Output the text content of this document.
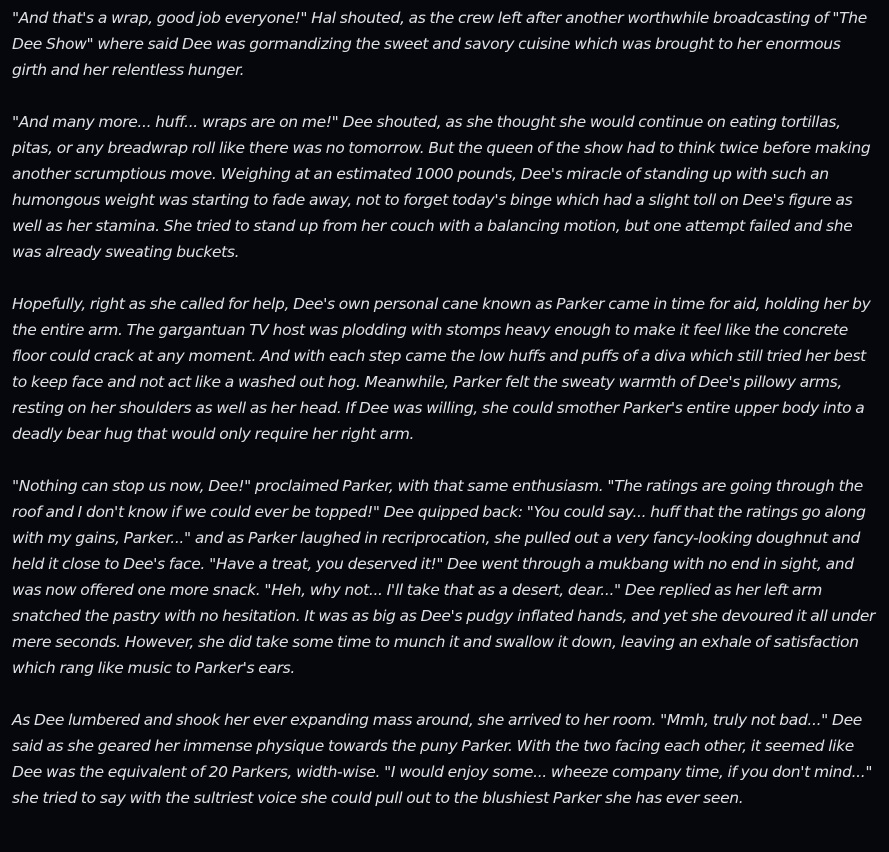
"And that's a wrap, good job everyone!" Hal shouted, as the crew left after another worthwhile broadcasting of "The Dee Show" where said Dee was gormandizing the sweet and savory cuisine which was brought to her enormous girth and her relentless hunger.

"And many more... huff... wraps are on me!" Dee shouted, as she thought she would continue on eating tortillas, pitas, or any breadwrap roll like there was no tomorrow. But the queen of the show had to think twice before making another scrumptious move. Weighing at an estimated 1000 pounds, Dee's miracle of standing up with such an humongous weight was starting to fade away, not to forget today's binge which had a slight toll on Dee's figure as well as her stamina. She tried to stand up from her couch with a balancing motion, but one attempt failed and she was already sweating buckets.

Hopefully, right as she called for help, Dee's own personal cane known as Parker came in time for aid, holding her by the entire arm. The gargantuan TV host was plodding with stomps heavy enough to make it feel like the concrete floor could crack at any moment. And with each step came the low huffs and puffs of a diva which still tried her best to keep face and not act like a washed out hog. Meanwhile, Parker felt the sweaty warmth of Dee's pillowy arms, resting on her shoulders as well as her head. If Dee was willing, she could smother Parker's entire upper body into a deadly bear hug that would only require her right arm.

"Nothing can stop us now, Dee!" proclaimed Parker, with that same enthusiasm. "The ratings are going through the roof and I don't know if we could ever be topped!" Dee quipped back: "You could say... huff that the ratings go along with my gains, Parker..." and as Parker laughed in recriprocation, she pulled out a very fancy-looking doughnut and held it close to Dee's face. "Have a treat, you deserved it!" Dee went through a mukbang with no end in sight, and was now offered one more snack. "Heh, why not... I'll take that as a desert, dear..." Dee replied as her left arm snatched the pastry with no hesitation. It was as big as Dee's pudgy inflated hands, and yet she devoured it all under mere seconds. However, she did take some time to munch it and swallow it down, leaving an exhale of satisfaction which rang like music to Parker's ears.

As Dee lumbered and shook her ever expanding mass around, she arrived to her room. "Mmh, truly not bad..." Dee said as she geared her immense physique towards the puny Parker. With the two facing each other, it seemed like Dee was the equivalent of 20 Parkers, width-wise. "I would enjoy some... wheeze company time, if you don't mind..." she tried to say with the sultriest voice she could pull out to the blushiest Parker she has ever seen.
